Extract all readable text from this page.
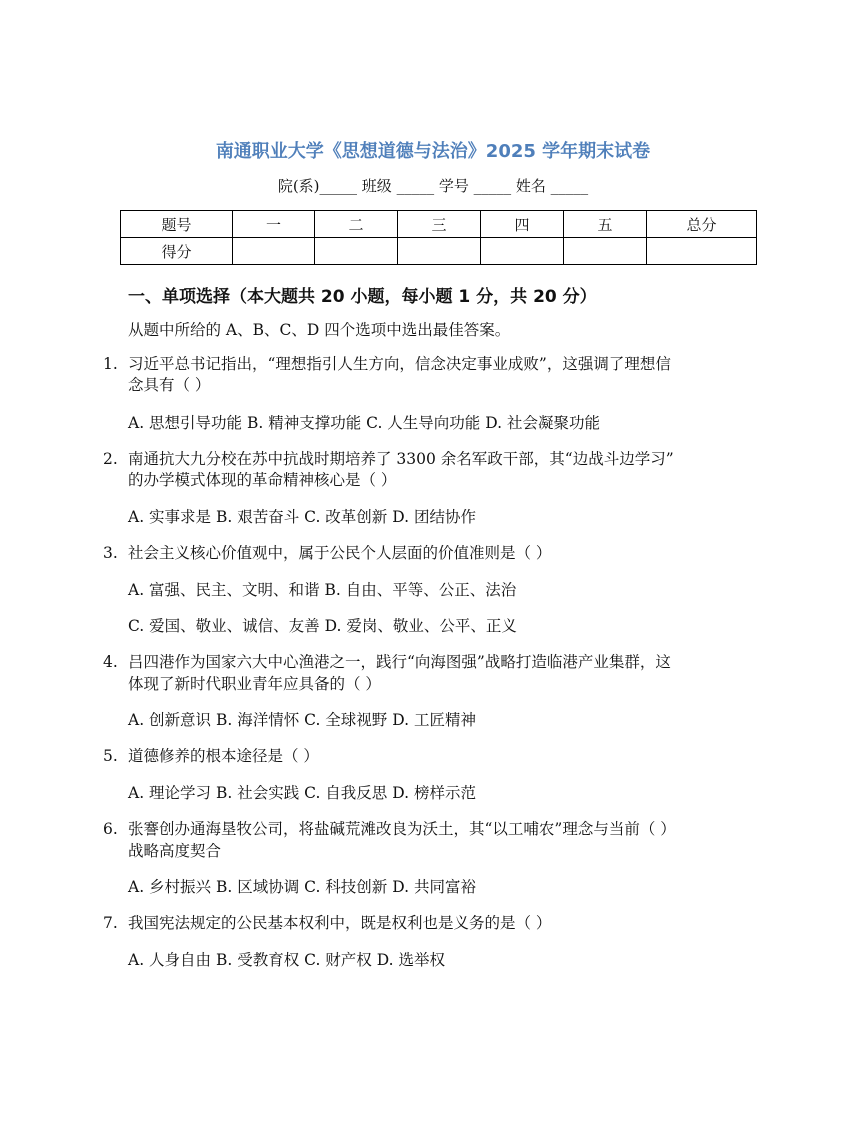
南通职业大学《思想道德与法治》2025 学年期末试卷
院(系)_____ 班级 _____ 学号 _____ 姓名 _____
题号	一	二	三	四	五	总分
得分						
一、单项选择（本大题共 20 小题，每小题 1 分，共 20 分）
从题中所给的 A、B、C、D 四个选项中选出最佳答案。
1. 习近平总书记指出，“理想指引人生方向，信念决定事业成败”，这强调了理想信
念具有（ ）
A. 思想引导功能 B. 精神支撑功能 C. 人生导向功能 D. 社会凝聚功能
2. 南通抗大九分校在苏中抗战时期培养了 3300 余名军政干部，其“边战斗边学习”
的办学模式体现的革命精神核心是（ ）
A. 实事求是 B. 艰苦奋斗 C. 改革创新 D. 团结协作
3. 社会主义核心价值观中，属于公民个人层面的价值准则是（ ）
A. 富强、民主、文明、和谐 B. 自由、平等、公正、法治
C. 爱国、敬业、诚信、友善 D. 爱岗、敬业、公平、正义
4. 吕四港作为国家六大中心渔港之一，践行“向海图强”战略打造临港产业集群，这
体现了新时代职业青年应具备的（ ）
A. 创新意识 B. 海洋情怀 C. 全球视野 D. 工匠精神
5. 道德修养的根本途径是（ ）
A. 理论学习 B. 社会实践 C. 自我反思 D. 榜样示范
6. 张謇创办通海垦牧公司，将盐碱荒滩改良为沃土，其“以工哺农”理念与当前（ ）
战略高度契合
A. 乡村振兴 B. 区域协调 C. 科技创新 D. 共同富裕
7. 我国宪法规定的公民基本权利中，既是权利也是义务的是（ ）
A. 人身自由 B. 受教育权 C. 财产权 D. 选举权
